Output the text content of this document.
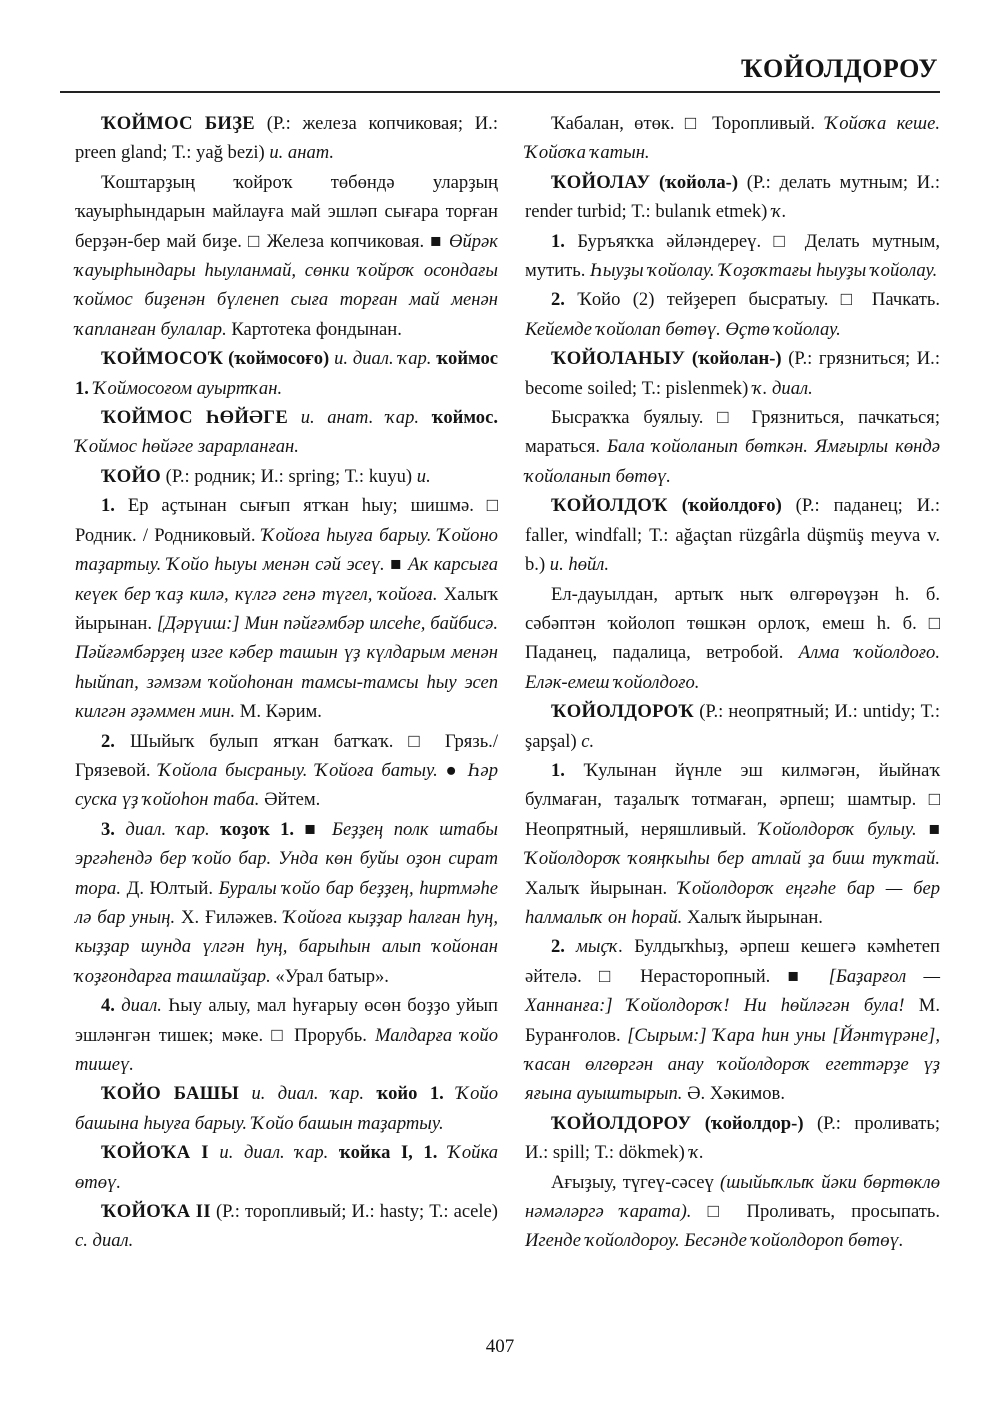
ҠОЙОЛДОРОУ

ҠОЙМОС БИҘЕ (Р.: железа копчиковая; И.: preen gland; Т.: yağ bezi) и. анат.

Ҡоштарҙың ҡойроҡ төбөндә уларҙың ҡауырһындарын майлауға май эшләп сығара торған берҙән-бер май биҙе. □ Железа копчиковая. ■ Өйрәк ҡауырһындары һыуланмай, сөнки ҡойроҡ осондағы ҡоймос биҙенән бүленеп сыға торған май менән ҡапланған булалар. Картотека фондынан.

ҠОЙМОСОҠ (ҡоймосоғо) и. диал. ҡар. ҡоймос 1. Ҡоймосоғом ауыртҡан.

ҠОЙМОС ҺӨЙӘГЕ и. анат. ҡар. ҡоймос. Ҡоймос һөйәге зарарланған.

ҠОЙО (Р.: родник; И.: spring; Т.: kuyu) и.

1. Ер аҫтынан сығып ятҡан һыу; шишмә. □ Родник. / Родниковый. Ҡойоға һыуға барыу. Ҡойоно таҙартыу. Ҡойо һыуы менән сәй эсеү. ■ Ак карсыға кеүек бер ҡаҙ килә, күлгә генә түгел, ҡойоға. Халыҡ йырынан. [Дәрүиш:] Мин пәйғәмбәр илсеһе, байбисә. Пәйғәмбәрҙең изге кәбер ташын үҙ күлдарым менән һыйпап, зәмзәм ҡойоһонан тамсы-тамсы һыу эсеп килгән әҙәммен мин. М. Кәрим.

2. Шыйыҡ булып ятҡан батҡаҡ. □ Грязь./ Грязевой. Ҡойола бысраныу. Ҡойоға батыу. ● Һәр суска үҙ ҡойоһон таба. Әйтем.

3. диал. ҡар. ҡоҙоҡ 1. ■ Беҙҙең полк штабы эргәһендә бер ҡойо бар. Унда көн буйы оҙон сират тора. Д. Юлтый. Буралы ҡойо бар беҙҙең, һиртмәһе лә бар уның. Х. Ғиләжев. Ҡойоға кыҙҙар һалған һуң, кыҙҙар шунда үлгән һуң, барыһын алып ҡойонан ҡоҙғондарға ташлайҙар. «Урал батыр».

4. диал. Һыу алыу, мал һуғарыу өсөн боҙҙо уйып эшләнгән тишек; мәке. □ Прорубь. Малдарға ҡойо тишеү.

ҠОЙО БАШЫ и. диал. ҡар. ҡойо 1. Ҡойо башына һыуға барыу. Ҡойо башын таҙартыу.

ҠОЙОҠА I и. диал. ҡар. ҡойка I, 1. Ҡойка өтөү.

ҠОЙОҠА II (Р.: торопливый; И.: hasty; Т.: acele) с. диал.

Ҡабалан, өтөк. □ Торопливый. Ҡойоҡа кеше. Ҡойоҡа ҡатын.

ҠОЙОЛАУ (ҡойола-) (Р.: делать мутным; И.: render turbid; Т.: bulanık etmek) ҡ.

1. Буръяҡҡа әйләндереү. □ Делать мутным, мутить. Һыуҙы ҡойолау. Ҡоҙоҡтағы һыуҙы ҡойолау.

2. Ҡойо (2) тейҙереп бысратыу. □ Пачкать. Кейемде ҡойолап бөтөү. Өҫтө ҡойолау.

ҠОЙОЛАНЫУ (ҡойолан-) (Р.: грязниться; И.: become soiled; Т.: pislenmek) ҡ. диал.

Бысраҡҡа буялыу. □ Грязниться, пачкаться; мараться. Бала ҡойоланып бөткән. Ямғырлы көндә ҡойоланып бөтөү.

ҠОЙОЛДОҠ (ҡойолдоғо) (Р.: паданец; И.: faller, windfall; Т.: ağaçtan rüzgârla düşmüş meyva v. b.) и. һөйл.

Ел-дауылдан, артыҡ ныҡ өлгөрөүҙән һ. б. сәбәптән ҡойолоп төшкән орлоҡ, емеш һ. б. □ Паданец, падалица, ветробой. Алма ҡойолдоғо. Еләк-емеш ҡойолдоғо.

ҠОЙОЛДОРОҠ (Р.: неопрятный; И.: untidy; Т.: şapşal) с.

1. Ҡулынан йүнле эш килмәгән, йыйнаҡ булмаған, таҙалыҡ тотмаған, әрпеш; шамтыр. □ Неопрятный, неряшливый. Ҡойолдороҡ булыу. ■ Ҡойолдороҡ ҡояңҡыһы бер атлай ҙа биш туҡтай. Халыҡ йырынан. Ҡойолдороҡ еңгәһе бар — бер һалмалыҡ он һорай. Халыҡ йырынан.

2. мыҫҡ. Булдыҡһыҙ, әрпеш кешегә кәмһетеп әйтелә. □ Нерасторопный. ■ [Баҙарғол — Ханнанға:] Ҡойолдороҡ! Ни һөйләгән була! М. Буранғолов. [Сырым:] Ҡара һин уны [Йәнтүрәне], ҡасан өлгөргән анау ҡойолдороҡ егеттәрҙе үҙ яғына ауыштырып. Ә. Хәкимов.

ҠОЙОЛДОРОУ (ҡойолдор-) (Р.: проливать; И.: spill; Т.: dökmek) ҡ.

Ағыҙыу, түгеү-сәсеү (шыйыҡлыҡ йәки бөртөклө нәмәләргә ҡарата). □ Проливать, просыпать. Игенде ҡойолдороу. Бесәнде ҡойолдороп бөтөү.

407
